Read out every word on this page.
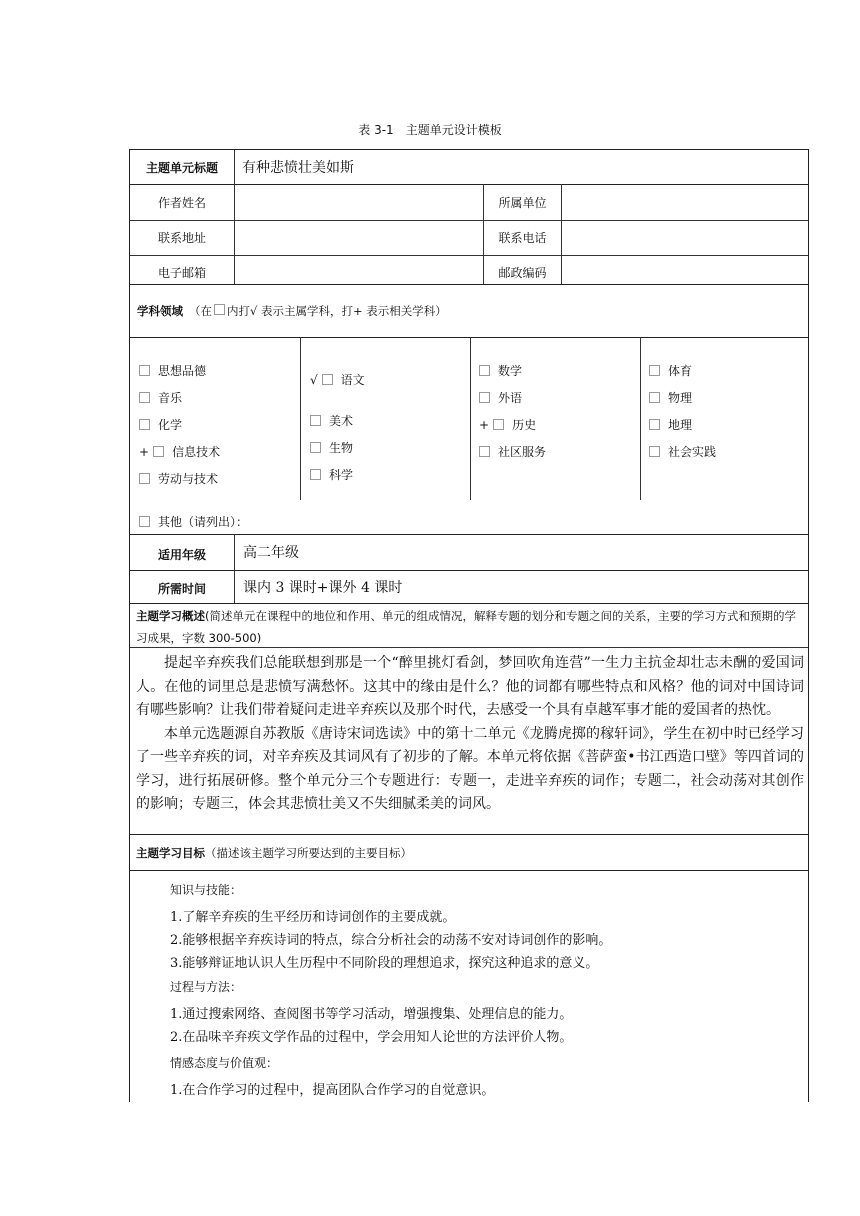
表 3-1　主题单元设计模板
主题单元标题	有种悲愤壮美如斯
作者姓名	所属单位
联系地址	联系电话
电子邮箱	邮政编码
学科领域 （在 内打√ 表示主属学科，打+ 表示相关学科）
思想品德
音乐
化学
+ 信息技术
劳动与技术
√ 语文
美术
生物
科学
数学
外语
+ 历史
社区服务
体育
物理
地理
社会实践
其他（请列出）：
适用年级	高二年级
所需时间	课内 3 课时+课外 4 课时
主题学习概述(简述单元在课程中的地位和作用、单元的组成情况，解释专题的划分和专题之间的关系，主要的学习方式和预期的学习成果，字数 300-500)

提起辛弃疾我们总能联想到那是一个“醉里挑灯看剑，梦回吹角连营”一生力主抗金却壮志未酬的爱国词人。在他的词里总是悲愤写满愁怀。这其中的缘由是什么？他的词都有哪些特点和风格？他的词对中国诗词有哪些影响？让我们带着疑问走进辛弃疾以及那个时代，去感受一个具有卓越军事才能的爱国者的热忱。

本单元选题源自苏教版《唐诗宋词选读》中的第十二单元《龙腾虎掷的稼轩词》，学生在初中时已经学习了一些辛弃疾的词，对辛弃疾及其词风有了初步的了解。本单元将依据《菩萨蛮•书江西造口壁》等四首词的学习，进行拓展研修。整个单元分三个专题进行：专题一，走进辛弃疾的词作；专题二，社会动荡对其创作的影响；专题三，体会其悲愤壮美又不失细腻柔美的词风。

主题学习目标（描述该主题学习所要达到的主要目标）
知识与技能：
1.了解辛弃疾的生平经历和诗词创作的主要成就。
2.能够根据辛弃疾诗词的特点，综合分析社会的动荡不安对诗词创作的影响。
3.能够辩证地认识人生历程中不同阶段的理想追求，探究这种追求的意义。
过程与方法：
1.通过搜索网络、查阅图书等学习活动，增强搜集、处理信息的能力。
2.在品味辛弃疾文学作品的过程中，学会用知人论世的方法评价人物。
情感态度与价值观：
1.在合作学习的过程中，提高团队合作学习的自觉意识。
